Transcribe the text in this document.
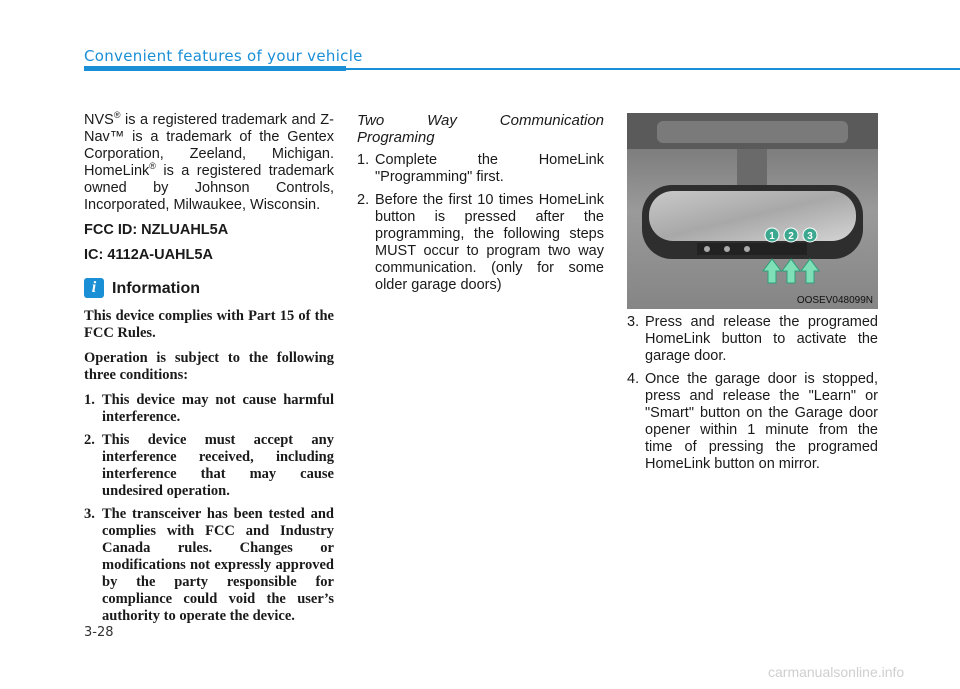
Convenient features of your vehicle

NVS® is a registered trademark and Z-Nav™ is a trademark of the Gentex Corporation, Zeeland, Michigan. HomeLink® is a registered trademark owned by Johnson Controls, Incorporated, Milwaukee, Wisconsin.

FCC ID: NZLUAHL5A

IC: 4112A-UAHL5A

i Information

This device complies with Part 15 of the FCC Rules.

Operation is subject to the following three conditions:

1. This device may not cause harmful interference.
2. This device must accept any interference received, including interference that may cause undesired operation.
3. The transceiver has been tested and complies with FCC and Industry Canada rules. Changes or modifications not expressly approved by the party responsible for compliance could void the user’s authority to operate the device.
Two Way Communication Programing
1. Complete the HomeLink "Programming" first.
2. Before the first 10 times HomeLink button is pressed after the programming, the following steps MUST occur to program two way communication. (only for some older garage doors)
1 2 3
OOSEV048099N
3. Press and release the programed HomeLink button to activate the garage door.
4. Once the garage door is stopped, press and release the "Learn" or "Smart" button on the Garage door opener within 1 minute from the time of pressing the programed HomeLink button on mirror.
3-28
carmanualsonline.info
